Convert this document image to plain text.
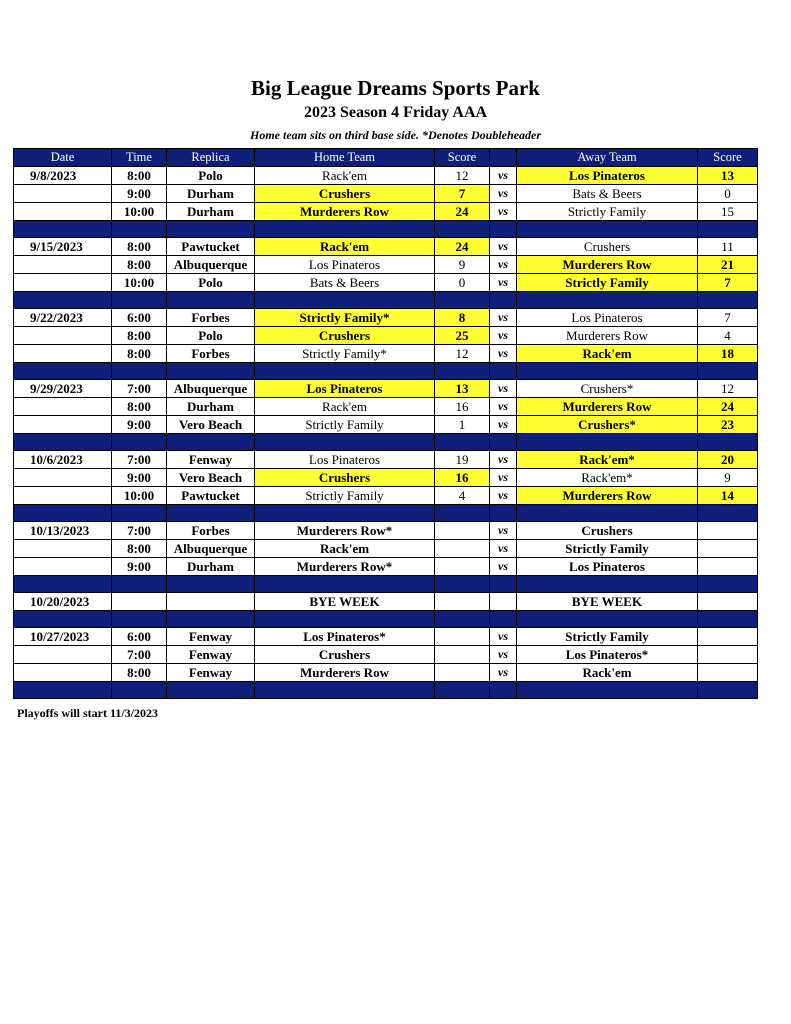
Big League Dreams Sports Park
2023 Season 4 Friday AAA
Home team sits on third base side. *Denotes Doubleheader
Date	Time	Replica	Home Team	Score		Away Team	Score
9/8/2023	8:00	Polo	Rack'em	12	vs	Los Pinateros	13
	9:00	Durham	Crushers	7	vs	Bats & Beers	0
	10:00	Durham	Murderers Row	24	vs	Strictly Family	15

9/15/2023	8:00	Pawtucket	Rack'em	24	vs	Crushers	11
	8:00	Albuquerque	Los Pinateros	9	vs	Murderers Row	21
	10:00	Polo	Bats & Beers	0	vs	Strictly Family	7

9/22/2023	6:00	Forbes	Strictly Family*	8	vs	Los Pinateros	7
	8:00	Polo	Crushers	25	vs	Murderers Row	4
	8:00	Forbes	Strictly Family*	12	vs	Rack'em	18

9/29/2023	7:00	Albuquerque	Los Pinateros	13	vs	Crushers*	12
	8:00	Durham	Rack'em	16	vs	Murderers Row	24
	9:00	Vero Beach	Strictly Family	1	vs	Crushers*	23

10/6/2023	7:00	Fenway	Los Pinateros	19	vs	Rack'em*	20
	9:00	Vero Beach	Crushers	16	vs	Rack'em*	9
	10:00	Pawtucket	Strictly Family	4	vs	Murderers Row	14

10/13/2023	7:00	Forbes	Murderers Row*		vs	Crushers	
	8:00	Albuquerque	Rack'em		vs	Strictly Family	
	9:00	Durham	Murderers Row*		vs	Los Pinateros	

10/20/2023			BYE WEEK			BYE WEEK	

10/27/2023	6:00	Fenway	Los Pinateros*		vs	Strictly Family	
	7:00	Fenway	Crushers		vs	Los Pinateros*	
	8:00	Fenway	Murderers Row		vs	Rack'em	

Playoffs will start 11/3/2023
